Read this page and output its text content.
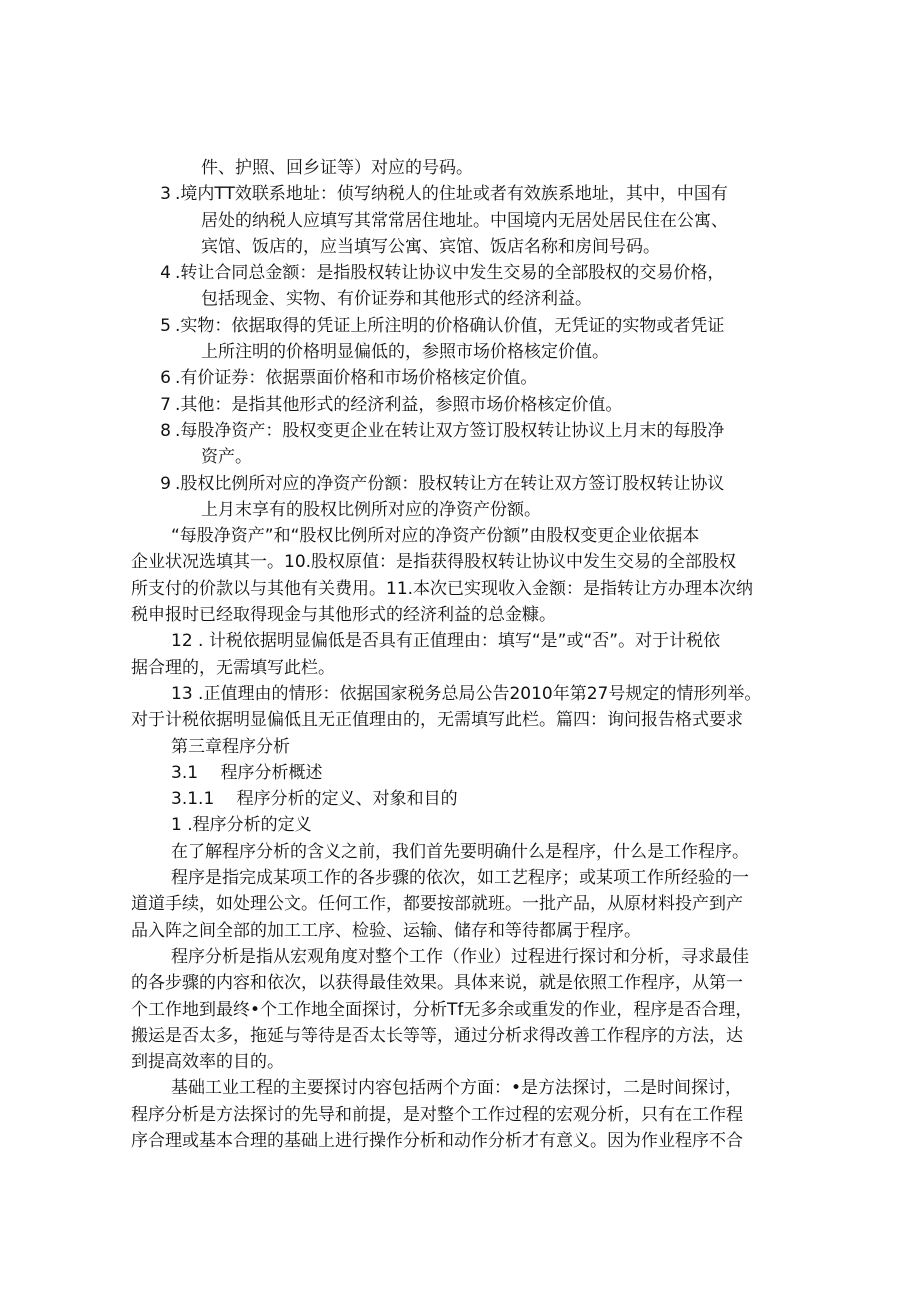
件、护照、回乡证等）对应的号码。
3 .境内TT效联系地址：侦写纳税人的住址或者有效族系地址，其中，中国有
居处的纳税人应填写其常常居住地址。中国境内无居处居民住在公寓、
宾馆、饭店的，应当填写公寓、宾馆、饭店名称和房间号码。
4 .转让合同总金额：是指股权转让协议中发生交易的全部股权的交易价格，
包括现金、实物、有价证券和其他形式的经济利益。
5 .实物：依据取得的凭证上所注明的价格确认价值，无凭证的实物或者凭证
上所注明的价格明显偏低的，参照市场价格核定价值。
6 .有价证券：依据票面价格和市场价格核定价值。
7 .其他：是指其他形式的经济利益，参照市场价格核定价值。
8 .每股净资产：股权变更企业在转让双方签订股权转让协议上月末的每股净
资产。
9 .股权比例所对应的净资产份额：股权转让方在转让双方签订股权转让协议
上月末享有的股权比例所对应的净资产份额。
“每股净资产”和“股权比例所对应的净资产份额”由股权变更企业依据本
企业状况选填其一。10.股权原值：是指获得股权转让协议中发生交易的全部股权
所支付的价款以与其他有关费用。11.本次已实现收入金额：是指转让方办理本次纳
税申报时已经取得现金与其他形式的经济利益的总金糠。
12 . 计税依据明显偏低是否具有正值理由：填写“是”或“否”。对于计税依
据合理的，无需填写此栏。
13 .正值理由的情形：依据国家税务总局公告2010年第27号规定的情形列举。
对于计税依据明显偏低且无正值理由的，无需填写此栏。篇四：询问报告格式要求
第三章程序分析
3.1　 程序分析概述
3.1.1　 程序分析的定义、对象和目的
1 .程序分析的定义
在了解程序分析的含义之前，我们首先要明确什么是程序，什么是工作程序。
程序是指完成某项工作的各步骤的依次，如工艺程序；或某项工作所经验的一
道道手续，如处理公文。任何工作，都要按部就班。一批产品，从原材料投产到产
品入阵之间全部的加工工序、检验、运输、储存和等待都属于程序。
程序分析是指从宏观角度对整个工作（作业）过程进行探讨和分析，寻求最佳
的各步骤的内容和依次，以获得最佳效果。具体来说，就是依照工作程序，从第一
个工作地到最终•个工作地全面探讨，分析Tf无多余或重发的作业，程序是否合理，
搬运是否太多，拖延与等待是否太长等等，通过分析求得改善工作程序的方法，达
到提高效率的目的。
基础工业工程的主要探讨内容包括两个方面：•是方法探讨，二是时间探讨，
程序分析是方法探讨的先导和前提，是对整个工作过程的宏观分析，只有在工作程
序合理或基本合理的基础上进行操作分析和动作分析才有意义。因为作业程序不合
